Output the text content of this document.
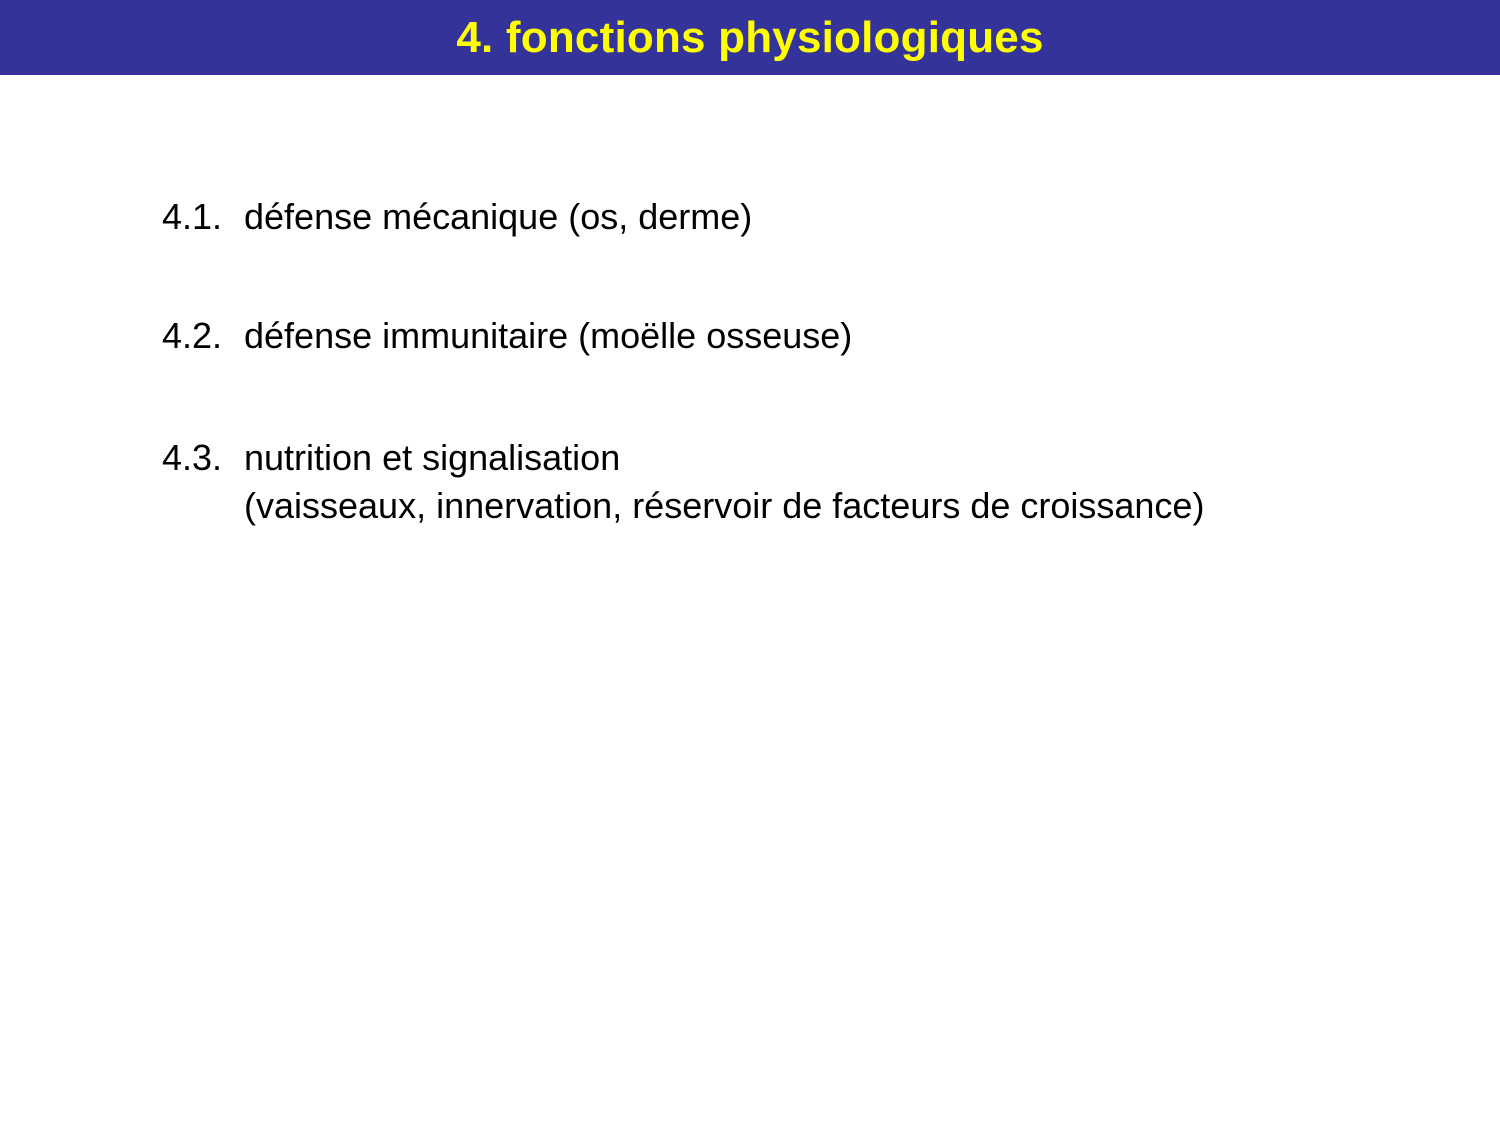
4. fonctions physiologiques
4.1. défense mécanique (os, derme)
4.2. défense immunitaire (moëlle osseuse)
4.3. nutrition et signalisation
(vaisseaux, innervation, réservoir de facteurs de croissance)
